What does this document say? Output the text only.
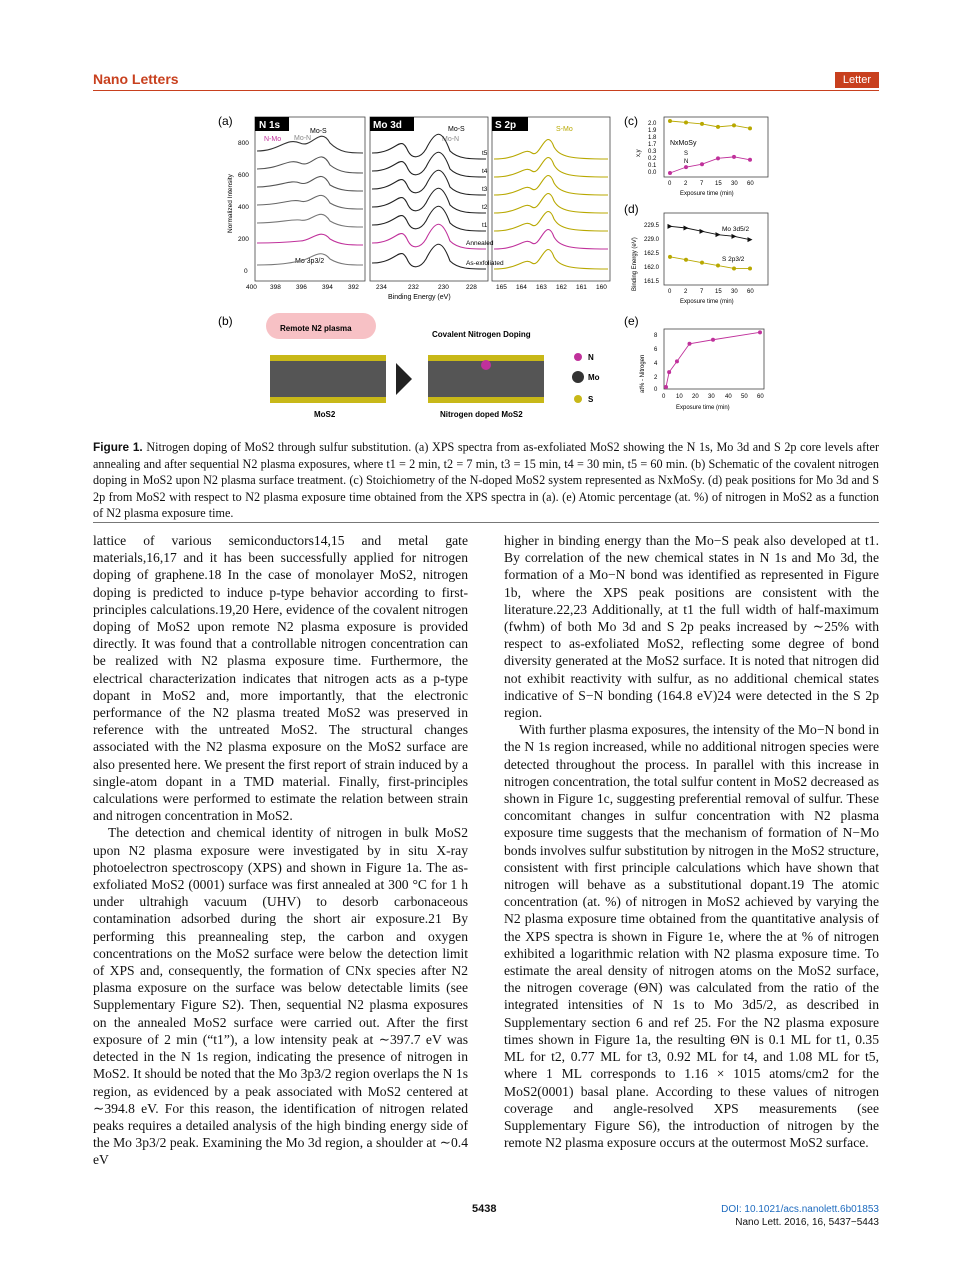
Nano Letters	Letter
(a)	N 1s	Mo 3d	S 2p
N-Mo
Mo-S
Mo-N
Mo-S
Mo-N
S-Mo
Mo 3p3/2
t5
t4
t3
t2
t1
Annealed
As-exfoliated
Normalized Intensity
800
600
400
200
0
400 398 396 394 392	234	232	230	228	165 164 163 162 161 160
Binding Energy (eV)
(c) 2.0
1.9
1.8
1.7
0.3
0.2
0.1
0.0
x,y
NxMoSy
S
N
0 2 7 15 30 60
Exposure time (min)
(d)
229.5
229.0
162.5
162.0
161.5
Binding Energy (eV)
Mo 3d5/2
S 2p3/2
0 2 7 15 30 60
Exposure time (min)
(b)
Remote N2 plasma
Covalent Nitrogen Doping
MoS2	Nitrogen doped MoS2
N
Mo
S
(e)
8
6
4
2
0
at% - Nitrogen
0 10 20 30 40 50 60
Exposure time (min)
Figure 1. Nitrogen doping of MoS2 through sulfur substitution. (a) XPS spectra from as-exfoliated MoS2 showing the N 1s, Mo 3d and S 2p core levels after annealing and after sequential N2 plasma exposures, where t1 = 2 min, t2 = 7 min, t3 = 15 min, t4 = 30 min, t5 = 60 min. (b) Schematic of the covalent nitrogen doping in MoS2 upon N2 plasma surface treatment. (c) Stoichiometry of the N-doped MoS2 system represented as NxMoSy. (d) peak positions for Mo 3d and S 2p from MoS2 with respect to N2 plasma exposure time obtained from the XPS spectra in (a). (e) Atomic percentage (at. %) of nitrogen in MoS2 as a function of N2 plasma exposure time.

lattice of various semiconductors14,15 and metal gate materials,16,17 and it has been successfully applied for nitrogen doping of graphene.18 In the case of monolayer MoS2, nitrogen doping is predicted to induce p-type behavior according to first-principles calculations.19,20 Here, evidence of the covalent nitrogen doping of MoS2 upon remote N2 plasma exposure is provided directly. It was found that a controllable nitrogen concentration can be realized with N2 plasma exposure time. Furthermore, the electrical characterization indicates that nitrogen acts as a p-type dopant in MoS2 and, more importantly, that the electronic performance of the N2 plasma treated MoS2 was preserved in reference with the untreated MoS2. The structural changes associated with the N2 plasma exposure on the MoS2 surface are also presented here. We present the first report of strain induced by a single-atom dopant in a TMD material. Finally, first-principles calculations were performed to estimate the relation between strain and nitrogen concentration in MoS2.

The detection and chemical identity of nitrogen in bulk MoS2 upon N2 plasma exposure were investigated by in situ X-ray photoelectron spectroscopy (XPS) and shown in Figure 1a. The as-exfoliated MoS2 (0001) surface was first annealed at 300 °C for 1 h under ultrahigh vacuum (UHV) to desorb carbonaceous contamination adsorbed during the short air exposure.21 By performing this preannealing step, the carbon and oxygen concentrations on the MoS2 surface were below the detection limit of XPS and, consequently, the formation of CNx species after N2 plasma exposure on the surface was below detectable limits (see Supplementary Figure S2). Then, sequential N2 plasma exposures on the annealed MoS2 surface were carried out. After the first exposure of 2 min (“t1”), a low intensity peak at ∼397.7 eV was detected in the N 1s region, indicating the presence of nitrogen in MoS2. It should be noted that the Mo 3p3/2 region overlaps the N 1s region, as evidenced by a peak associated with MoS2 centered at ∼394.8 eV. For this reason, the identification of nitrogen related peaks requires a detailed analysis of the high binding energy side of the Mo 3p3/2 peak. Examining the Mo 3d region, a shoulder at ∼0.4 eV

higher in binding energy than the Mo−S peak also developed at t1. By correlation of the new chemical states in N 1s and Mo 3d, the formation of a Mo−N bond was identified as represented in Figure 1b, where the XPS peak positions are consistent with the literature.22,23 Additionally, at t1 the full width of half-maximum (fwhm) of both Mo 3d and S 2p peaks increased by ∼25% with respect to as-exfoliated MoS2, reflecting some degree of bond diversity generated at the MoS2 surface. It is noted that nitrogen did not exhibit reactivity with sulfur, as no additional chemical states indicative of S−N bonding (164.8 eV)24 were detected in the S 2p region.

With further plasma exposures, the intensity of the Mo−N bond in the N 1s region increased, while no additional nitrogen species were detected throughout the process. In parallel with this increase in nitrogen concentration, the total sulfur content in MoS2 decreased as shown in Figure 1c, suggesting preferential removal of sulfur. These concomitant changes in sulfur concentration with N2 plasma exposure time suggests that the mechanism of formation of N−Mo bonds involves sulfur substitution by nitrogen in the MoS2 structure, consistent with first principle calculations which have shown that nitrogen will behave as a substitutional dopant.19 The atomic concentration (at. %) of nitrogen in MoS2 achieved by varying the N2 plasma exposure time obtained from the quantitative analysis of the XPS spectra is shown in Figure 1e, where the at % of nitrogen exhibited a logarithmic relation with N2 plasma exposure time. To estimate the areal density of nitrogen atoms on the MoS2 surface, the nitrogen coverage (ΘN) was calculated from the ratio of the integrated intensities of N 1s to Mo 3d5/2, as described in Supplementary section 6 and ref 25. For the N2 plasma exposure times shown in Figure 1a, the resulting ΘN is 0.1 ML for t1, 0.35 ML for t2, 0.77 ML for t3, 0.92 ML for t4, and 1.08 ML for t5, where 1 ML corresponds to 1.16 × 1015 atoms/cm2 for the MoS2(0001) basal plane. According to these values of nitrogen coverage and angle-resolved XPS measurements (see Supplementary Figure S6), the introduction of nitrogen by the remote N2 plasma exposure occurs at the outermost MoS2 surface.

5438	DOI: 10.1021/acs.nanolett.6b01853
Nano Lett. 2016, 16, 5437−5443
